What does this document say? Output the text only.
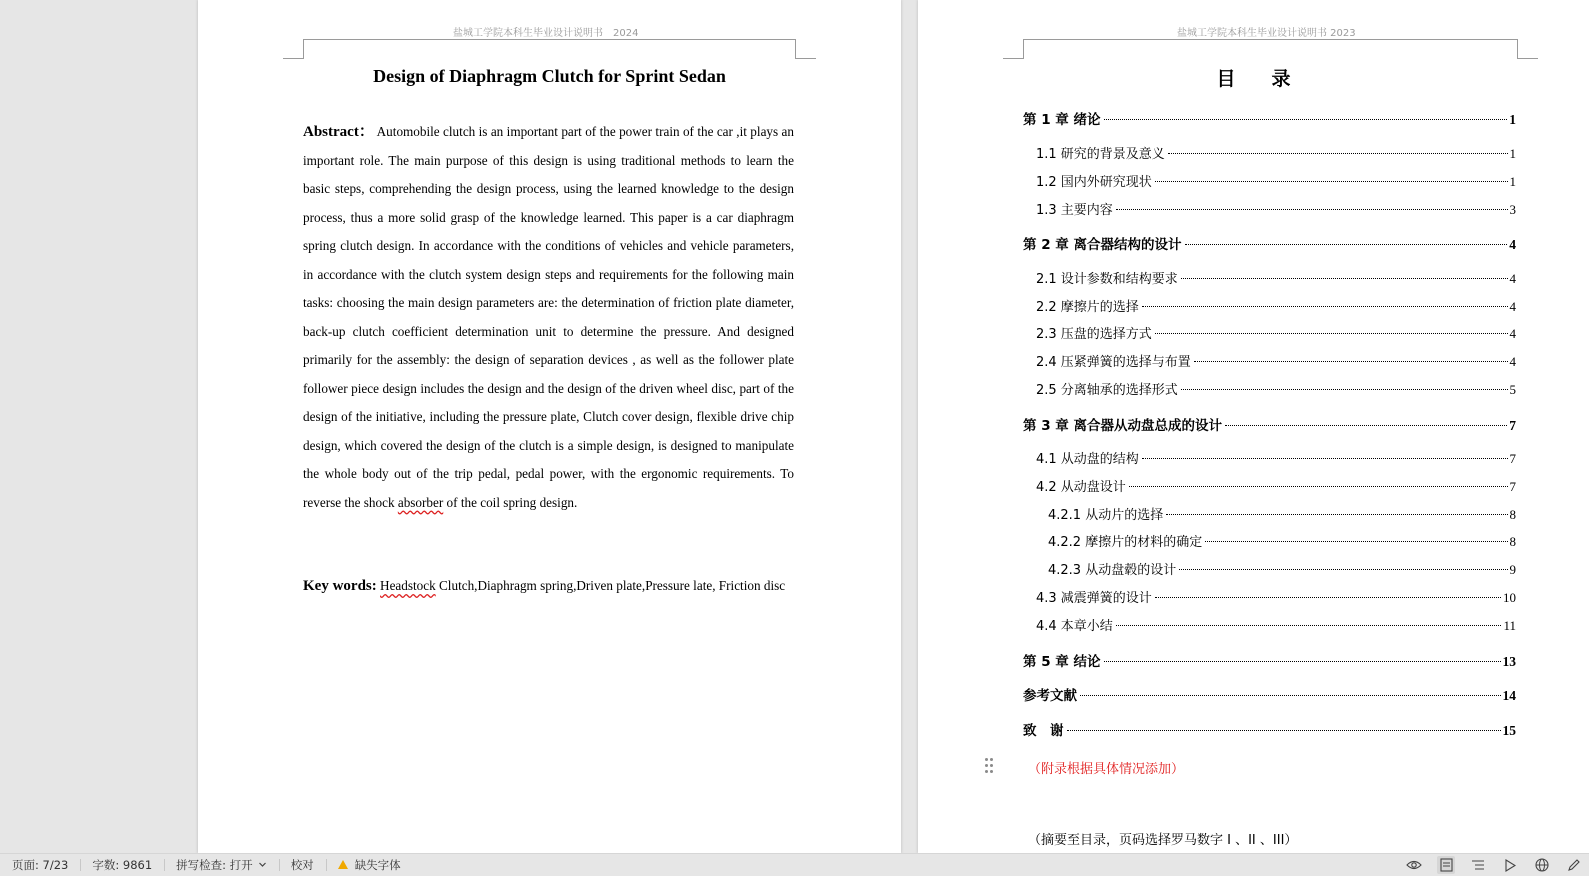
盐城工学院本科生毕业设计说明书　2024
Design of Diaphragm Clutch for Sprint Sedan
Abstract： Automobile clutch is an important part of the power train of the car ,it plays an important role. The main purpose of this design is using traditional methods to learn the basic steps, comprehending the design process, using the learned knowledge to the design process, thus a more solid grasp of the knowledge learned. This paper is a car diaphragm spring clutch design. In accordance with the conditions of vehicles and vehicle parameters, in accordance with the clutch system design steps and requirements for the following main tasks: choosing the main design parameters are: the determination of friction plate diameter, back-up clutch coefficient determination unit to determine the pressure. And designed primarily for the assembly: the design of separation devices , as well as the follower plate follower piece design includes the design and the design of the driven wheel disc, part of the design of the initiative, including the pressure plate, Clutch cover design, flexible drive chip design, which covered the design of the clutch is a simple design, is designed to manipulate the whole body out of the trip pedal, pedal power, with the ergonomic requirements. To reverse the shock absorber of the coil spring design.
Key words: Headstock Clutch,Diaphragm spring,Driven plate,Pressure late, Friction disc
盐城工学院本科生毕业设计说明书 2023
目录
第 1 章 绪论	1
1.1 研究的背景及意义	1
1.2 国内外研究现状	1
1.3 主要内容	3
第 2 章 离合器结构的设计	4
2.1 设计参数和结构要求	4
2.2 摩擦片的选择	4
2.3 压盘的选择方式	4
2.4 压紧弹簧的选择与布置	4
2.5 分离轴承的选择形式	5
第 3 章 离合器从动盘总成的设计	7
4.1 从动盘的结构	7
4.2 从动盘设计	7
4.2.1 从动片的选择	8
4.2.2 摩擦片的材料的确定	8
4.2.3 从动盘毂的设计	9
4.3 减震弹簧的设计	10
4.4 本章小结	11
第 5 章 结论	13
参考文献	14
致　谢	15
（附录根据具体情况添加）
（摘要至目录，页码选择罗马数字 I 、II 、III）
页面: 7/23 字数: 9861 拼写检查: 打开	校对	缺失字体
